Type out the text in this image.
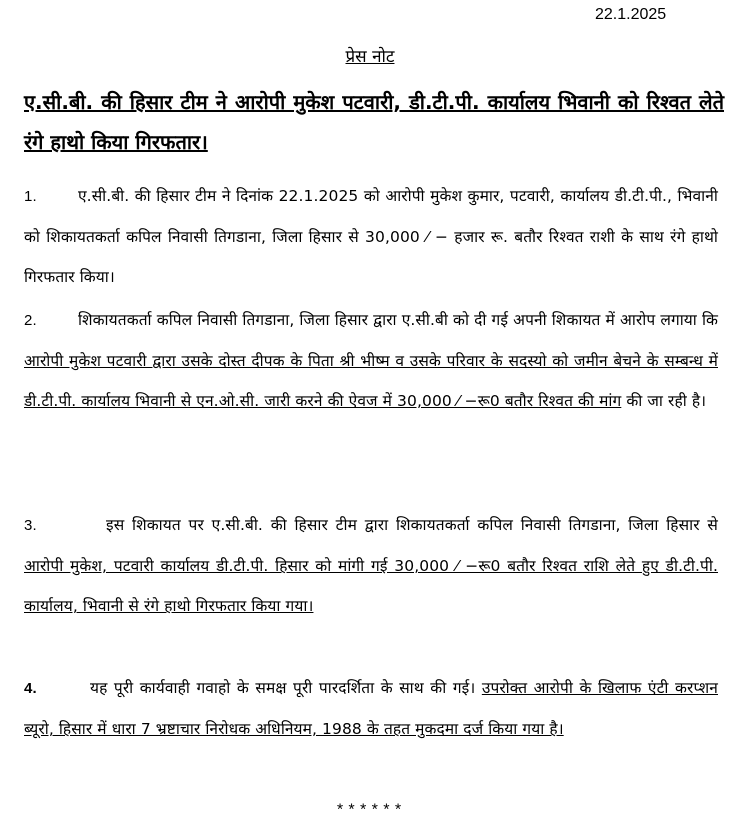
22.1.2025
प्रेस नोट
ए.सी.बी. की हिसार टीम ने आरोपी मुकेश पटवारी, डी.टी.पी. कार्यालय भिवानी को रिश्वत लेते रंगे हाथो किया गिरफतार।
1.	ए.सी.बी. की हिसार टीम ने दिनांक 22.1.2025 को आरोपी मुकेश कुमार, पटवारी, कार्यालय डी.टी.पी., भिवानी को शिकायतकर्ता कपिल निवासी तिगडाना, जिला हिसार से 30,000 ⁄ − हजार रू. बतौर रिश्वत राशी के साथ रंगे हाथो गिरफतार किया।
2.	शिकायतकर्ता कपिल निवासी तिगडाना, जिला हिसार द्वारा ए.सी.बी को दी गई अपनी शिकायत में आरोप लगाया कि आरोपी मुकेश पटवारी द्वारा उसके दोस्त दीपक के पिता श्री भीष्म व उसके परिवार के सदस्यो को जमीन बेचने के सम्बन्ध में डी.टी.पी. कार्यालय भिवानी से एन.ओ.सी. जारी करने की ऐवज में 30,000 ⁄ −रू0 बतौर रिश्वत की मांग की जा रही है।
3.	इस शिकायत पर ए.सी.बी. की हिसार टीम द्वारा शिकायतकर्ता कपिल निवासी तिगडाना, जिला हिसार से आरोपी मुकेश, पटवारी कार्यालय डी.टी.पी. हिसार को मांगी गई 30,000 ⁄ −रू0 बतौर रिश्वत राशि लेते हुए डी.टी.पी. कार्यालय, भिवानी से रंगे हाथो गिरफतार किया गया।
4.	यह पूरी कार्यवाही गवाहो के समक्ष पूरी पारदर्शिता के साथ की गई। उपरोक्त आरोपी के खिलाफ एंटी करप्शन ब्यूरो, हिसार में धारा 7 भ्रष्टाचार निरोधक अधिनियम, 1988 के तहत मुकदमा दर्ज किया गया है।
******
